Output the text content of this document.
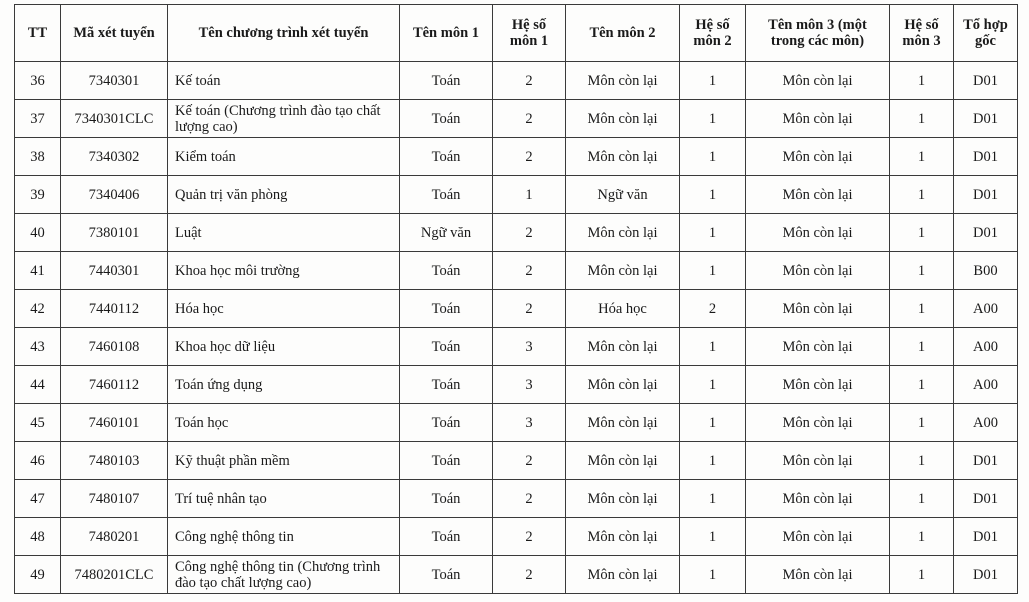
TT	Mã xét tuyển	Tên chương trình xét tuyển	Tên môn 1	Hệ số môn 1	Tên môn 2	Hệ số môn 2	Tên môn 3 (một trong các môn)	Hệ số môn 3	Tổ hợp gốc
36	7340301	Kế toán	Toán	2	Môn còn lại	1	Môn còn lại	1	D01
37	7340301CLC	Kế toán (Chương trình đào tạo chất lượng cao)	Toán	2	Môn còn lại	1	Môn còn lại	1	D01
38	7340302	Kiểm toán	Toán	2	Môn còn lại	1	Môn còn lại	1	D01
39	7340406	Quản trị văn phòng	Toán	1	Ngữ văn	1	Môn còn lại	1	D01
40	7380101	Luật	Ngữ văn	2	Môn còn lại	1	Môn còn lại	1	D01
41	7440301	Khoa học môi trường	Toán	2	Môn còn lại	1	Môn còn lại	1	B00
42	7440112	Hóa học	Toán	2	Hóa học	2	Môn còn lại	1	A00
43	7460108	Khoa học dữ liệu	Toán	3	Môn còn lại	1	Môn còn lại	1	A00
44	7460112	Toán ứng dụng	Toán	3	Môn còn lại	1	Môn còn lại	1	A00
45	7460101	Toán học	Toán	3	Môn còn lại	1	Môn còn lại	1	A00
46	7480103	Kỹ thuật phần mềm	Toán	2	Môn còn lại	1	Môn còn lại	1	D01
47	7480107	Trí tuệ nhân tạo	Toán	2	Môn còn lại	1	Môn còn lại	1	D01
48	7480201	Công nghệ thông tin	Toán	2	Môn còn lại	1	Môn còn lại	1	D01
49	7480201CLC	Công nghệ thông tin (Chương trình đào tạo chất lượng cao)	Toán	2	Môn còn lại	1	Môn còn lại	1	D01
